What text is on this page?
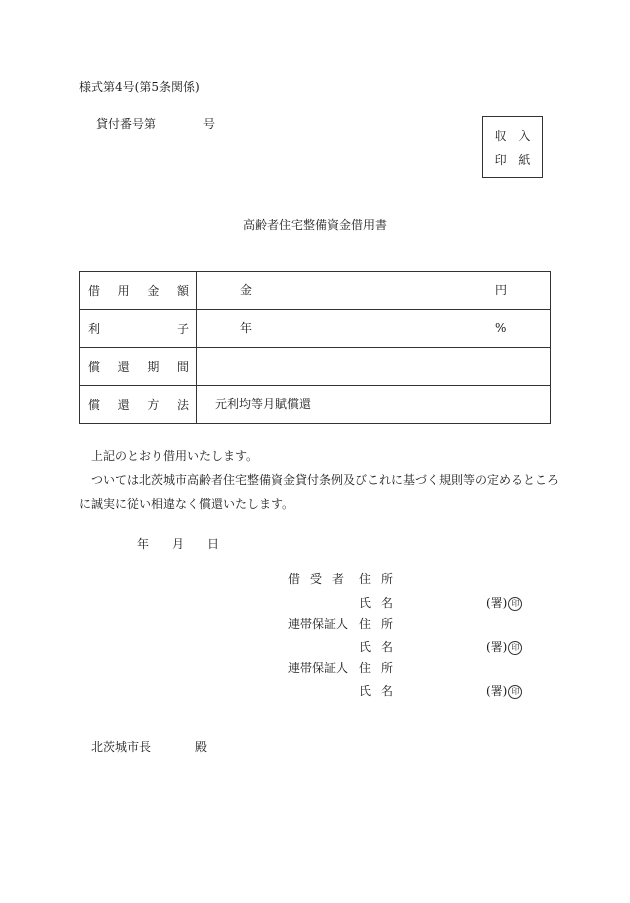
様式第4号(第5条関係)
貸付番号第	号
収 入
印 紙
高齢者住宅整備資金借用書
借 用 金 額	金 円

利 子	年 %

償 還 期 間	

償 還 方 法	元利均等月賦償還
上記のとおり借用いたします。
ついては北茨城市高齢者住宅整備資金貸付条例及びこれに基づく規則等の定めるところ
に誠実に従い相違なく償還いたします。
年 月 日
借受者 住所
氏名	(署) 印
連帯保証人 住所
氏名	(署) 印
連帯保証人 住所
氏名	(署) 印
北茨城市長	殿
